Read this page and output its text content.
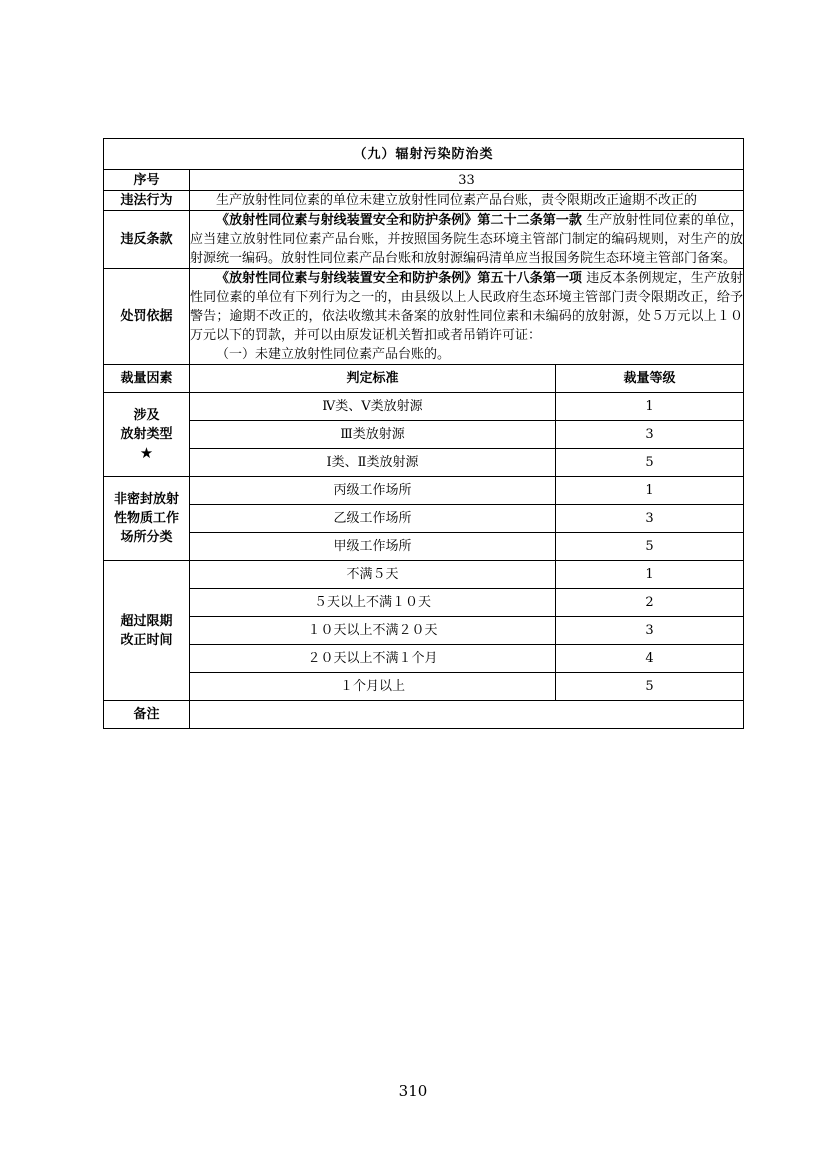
（九）辐射污染防治类		
序号	33	
违法行为	生产放射性同位素的单位未建立放射性同位素产品台账，责令限期改正逾期不改正的	

违反条款	《放射性同位素与射线装置安全和防护条例》第二十二条第一款 生产放射性同位素的单位，应当建立放射性同位素产品台账，并按照国务院生态环境主管部门制定的编码规则，对生产的放射源统一编码。放射性同位素产品台账和放射源编码清单应当报国务院生态环境主管部门备案。	

处罚依据	《放射性同位素与射线装置安全和防护条例》第五十八条第一项 违反本条例规定，生产放射性同位素的单位有下列行为之一的，由县级以上人民政府生态环境主管部门责令限期改正，给予警告；逾期不改正的，依法收缴其未备案的放射性同位素和未编码的放射源，处５万元以上１０万元以下的罚款，并可以由原发证机关暂扣或者吊销许可证：
（一）未建立放射性同位素产品台账的。	

裁量因素	判定标准	裁量等级

涉及
放射类型
★	Ⅳ类、Ⅴ类放射源	1
	Ⅲ类放射源	3
	Ⅰ类、Ⅱ类放射源	5

非密封放射
性物质工作
场所分类	丙级工作场所	1
	乙级工作场所	3
	甲级工作场所	5

超过限期
改正时间	不满５天	1
	５天以上不满１０天	2
	１０天以上不满２０天	3
	２０天以上不满１个月	4
	１个月以上	5
备注		
310
